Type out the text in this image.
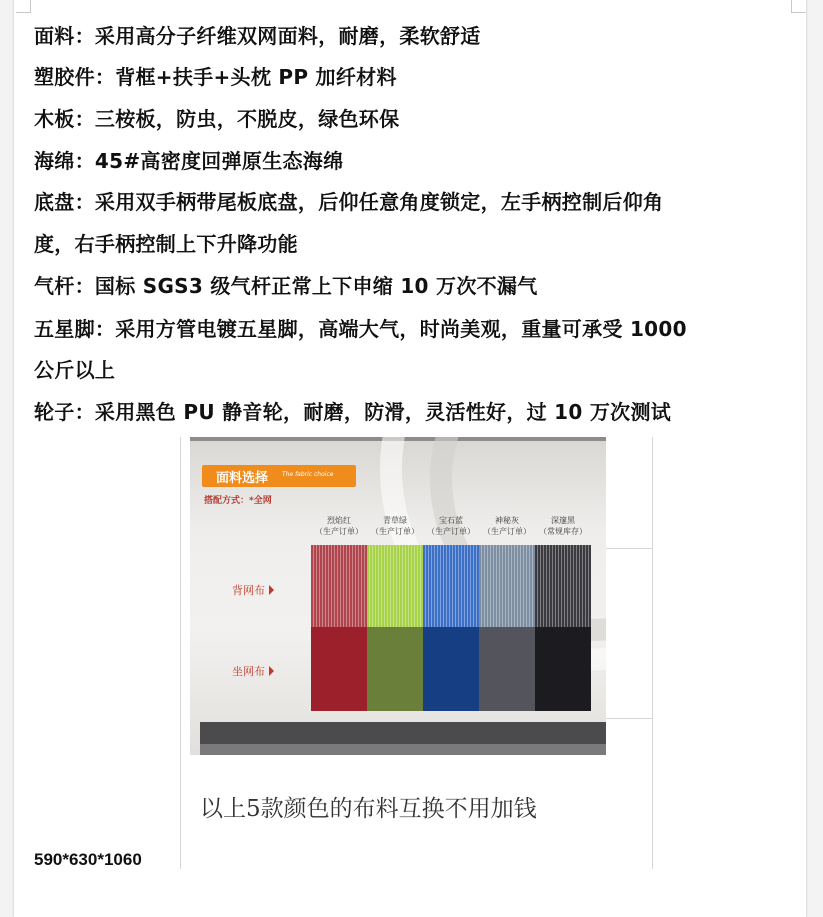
面料：采用高分子纤维双网面料，耐磨，柔软舒适
塑胶件：背框+扶手+头枕 PP 加纤材料
木板：三桉板，防虫，不脱皮，绿色环保
海绵：45#高密度回弹原生态海绵
底盘：采用双手柄带尾板底盘，后仰任意角度锁定，左手柄控制后仰角
度，右手柄控制上下升降功能
气杆：国标 SGS3 级气杆正常上下申缩 10 万次不漏气
五星脚：采用方管电镀五星脚，高端大气，时尚美观，重量可承受 1000
公斤以上
轮子：采用黑色 PU 静音轮，耐磨，防滑，灵活性好，过 10 万次测试
面料选择 The fabric choice
搭配方式：*全网
烈焰红
（生产订单）
青草绿
（生产订单）
宝石蓝
（生产订单）
神秘灰
（生产订单）
深邃黑
（常规库存）
背网布
坐网布
以上5款颜色的布料互换不用加钱
590*630*1060
